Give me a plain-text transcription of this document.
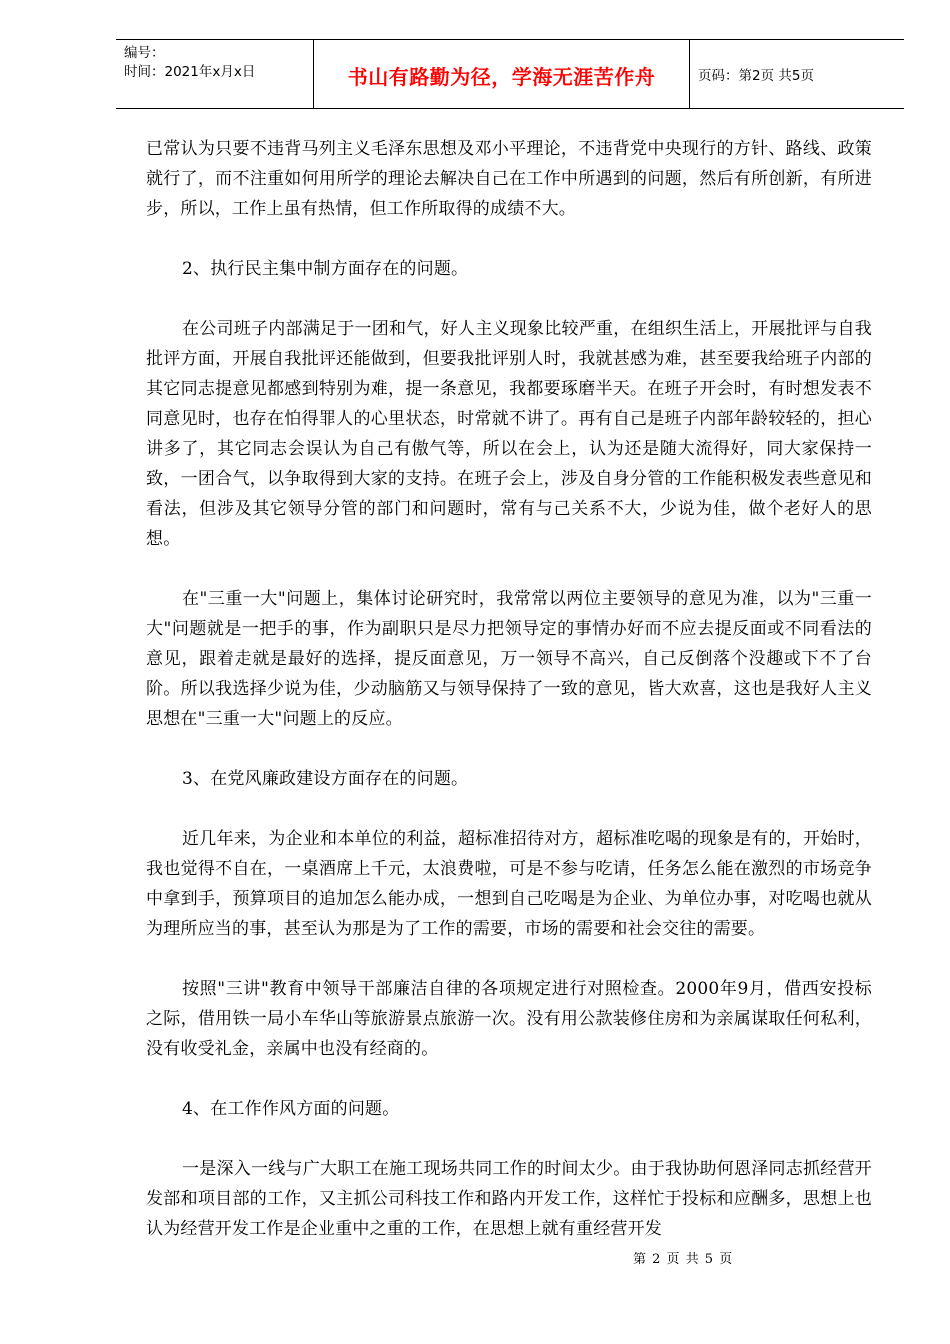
编号：
时间：2021年x月x日	书山有路勤为径，学海无涯苦作舟	页码：第2页 共5页

已常认为只要不违背马列主义毛泽东思想及邓小平理论，不违背党中央现行的方针、路线、政策就行了，而不注重如何用所学的理论去解决自己在工作中所遇到的问题，然后有所创新，有所进步，所以，工作上虽有热情，但工作所取得的成绩不大。

2、执行民主集中制方面存在的问题。

在公司班子内部满足于一团和气，好人主义现象比较严重，在组织生活上，开展批评与自我批评方面，开展自我批评还能做到，但要我批评别人时，我就甚感为难，甚至要我给班子内部的其它同志提意见都感到特别为难，提一条意见，我都要琢磨半天。在班子开会时，有时想发表不同意见时，也存在怕得罪人的心里状态，时常就不讲了。再有自己是班子内部年龄较轻的，担心讲多了，其它同志会误认为自己有傲气等，所以在会上，认为还是随大流得好，同大家保持一致，一团合气，以争取得到大家的支持。在班子会上，涉及自身分管的工作能积极发表些意见和看法，但涉及其它领导分管的部门和问题时，常有与己关系不大，少说为佳，做个老好人的思想。

在"三重一大"问题上，集体讨论研究时，我常常以两位主要领导的意见为准，以为"三重一大"问题就是一把手的事，作为副职只是尽力把领导定的事情办好而不应去提反面或不同看法的意见，跟着走就是最好的选择，提反面意见，万一领导不高兴，自己反倒落个没趣或下不了台阶。所以我选择少说为佳，少动脑筋又与领导保持了一致的意见，皆大欢喜，这也是我好人主义思想在"三重一大"问题上的反应。

3、在党风廉政建设方面存在的问题。

近几年来，为企业和本单位的利益，超标准招待对方，超标准吃喝的现象是有的，开始时，我也觉得不自在，一桌酒席上千元，太浪费啦，可是不参与吃请，任务怎么能在激烈的市场竞争中拿到手，预算项目的追加怎么能办成，一想到自己吃喝是为企业、为单位办事，对吃喝也就从为理所应当的事，甚至认为那是为了工作的需要，市场的需要和社会交往的需要。

按照"三讲"教育中领导干部廉洁自律的各项规定进行对照检查。2000年9月，借西安投标之际，借用铁一局小车华山等旅游景点旅游一次。没有用公款装修住房和为亲属谋取任何私利，没有收受礼金，亲属中也没有经商的。

4、在工作作风方面的问题。

一是深入一线与广大职工在施工现场共同工作的时间太少。由于我协助何恩泽同志抓经营开发部和项目部的工作，又主抓公司科技工作和路内开发工作，这样忙于投标和应酬多，思想上也认为经营开发工作是企业重中之重的工作，在思想上就有重经营开发

第 2 页 共 5 页
